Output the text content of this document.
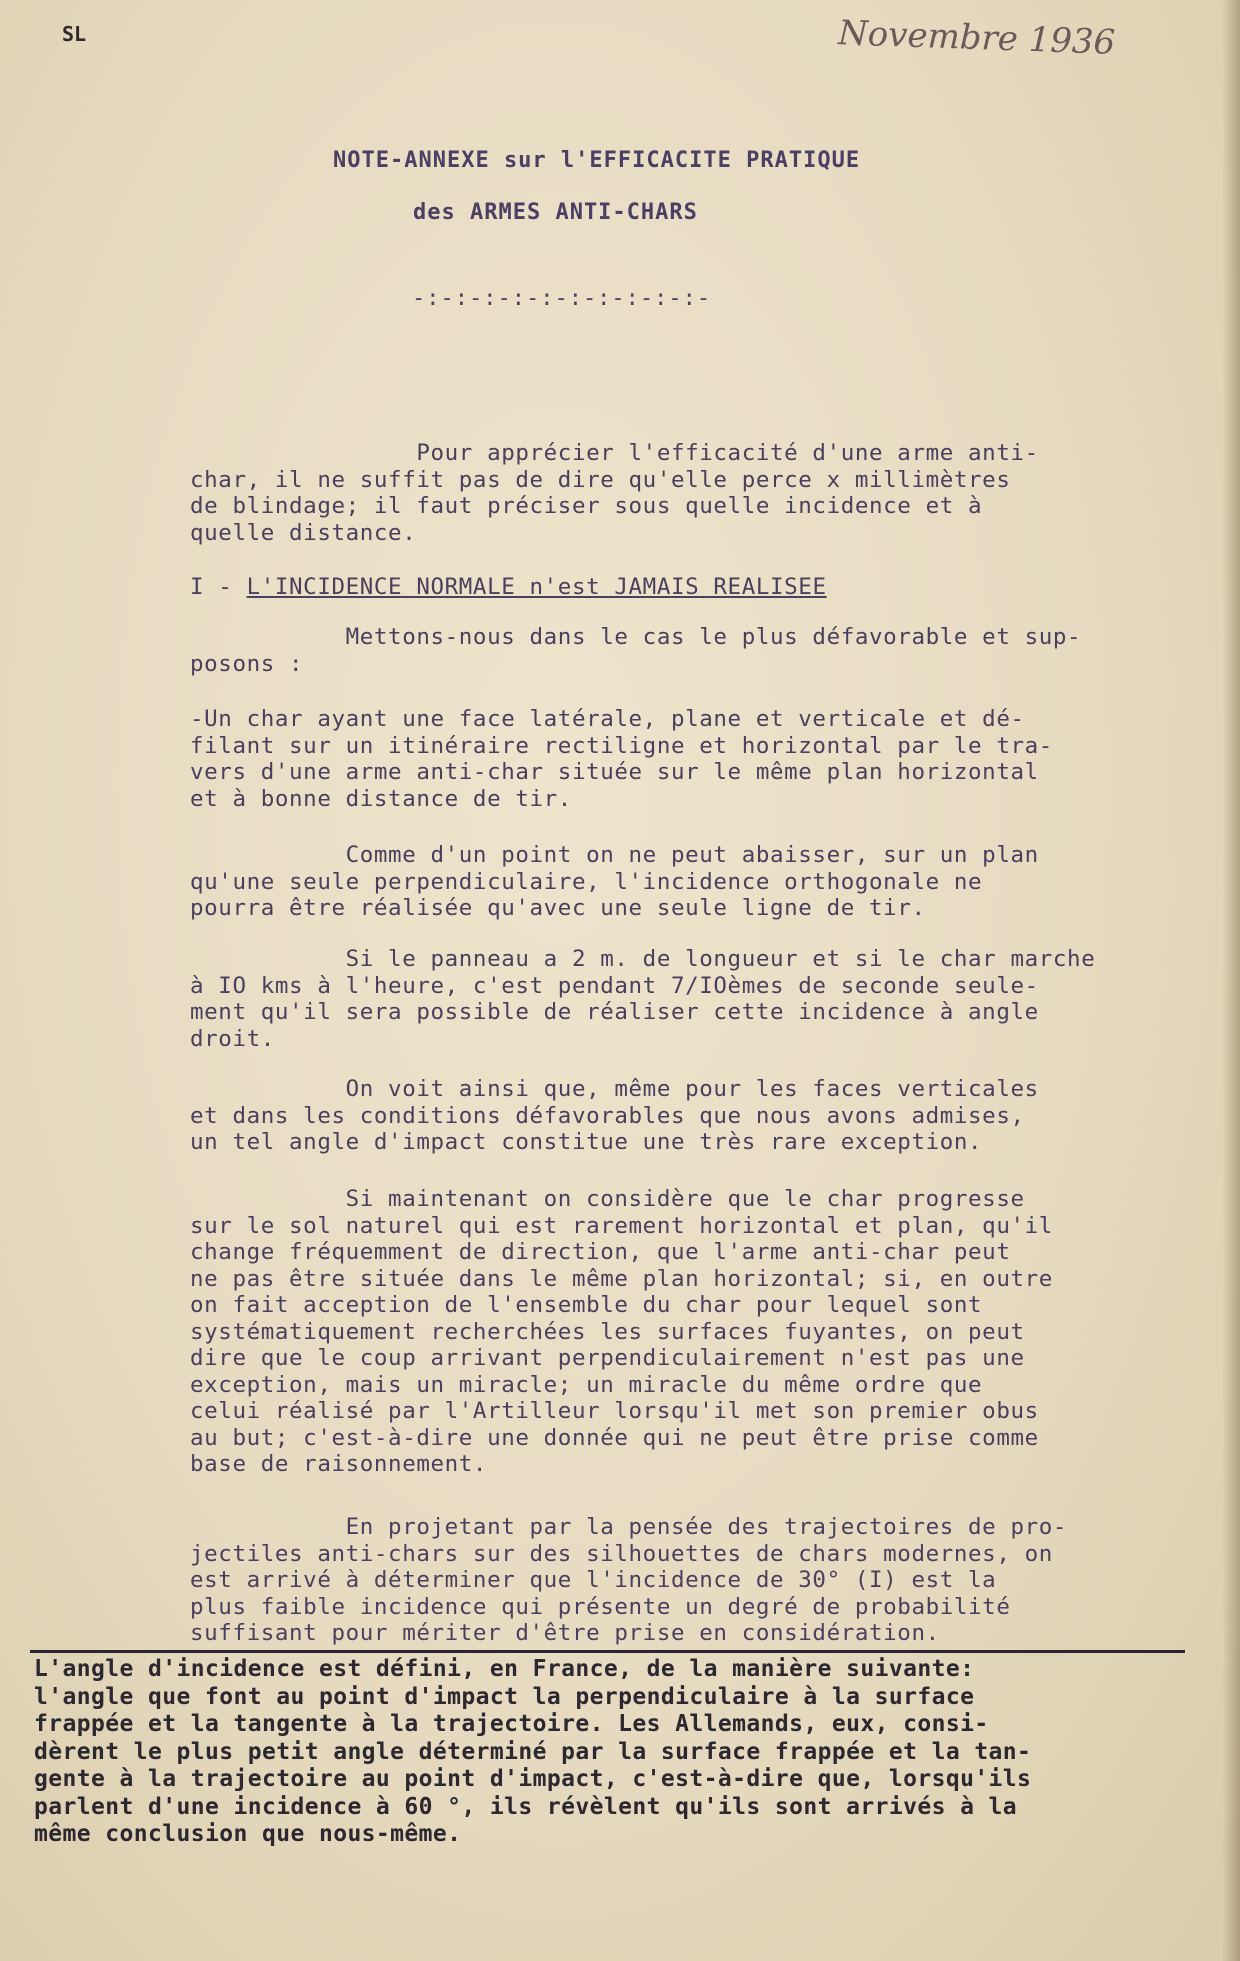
SL	Novembre 1936
NOTE-ANNEXE sur l'EFFICACITE PRATIQUE
des ARMES ANTI-CHARS
-:-:-:-:-:-:-:-:-:-:-
Pour apprécier l'efficacité d'une arme anti-
char, il ne suffit pas de dire qu'elle perce x millimètres
de blindage; il faut préciser sous quelle incidence et à
quelle distance.
I - L'INCIDENCE NORMALE n'est JAMAIS REALISEE
Mettons-nous dans le cas le plus défavorable et sup-
posons :
-Un char ayant une face latérale, plane et verticale et dé-
filant sur un itinéraire rectiligne et horizontal par le tra-
vers d'une arme anti-char située sur le même plan horizontal
et à bonne distance de tir.
Comme d'un point on ne peut abaisser, sur un plan
qu'une seule perpendiculaire, l'incidence orthogonale ne
pourra être réalisée qu'avec une seule ligne de tir.
Si le panneau a 2 m. de longueur et si le char marche
à IO kms à l'heure, c'est pendant 7/IOèmes de seconde seule-
ment qu'il sera possible de réaliser cette incidence à angle
droit.
On voit ainsi que, même pour les faces verticales
et dans les conditions défavorables que nous avons admises,
un tel angle d'impact constitue une très rare exception.
Si maintenant on considère que le char progresse
sur le sol naturel qui est rarement horizontal et plan, qu'il
change fréquemment de direction, que l'arme anti-char peut
ne pas être située dans le même plan horizontal; si, en outre
on fait acception de l'ensemble du char pour lequel sont
systématiquement recherchées les surfaces fuyantes, on peut
dire que le coup arrivant perpendiculairement n'est pas une
exception, mais un miracle; un miracle du même ordre que
celui réalisé par l'Artilleur lorsqu'il met son premier obus
au but; c'est-à-dire une donnée qui ne peut être prise comme
base de raisonnement.
En projetant par la pensée des trajectoires de pro-
jectiles anti-chars sur des silhouettes de chars modernes, on
est arrivé à déterminer que l'incidence de 30° (I) est la
plus faible incidence qui présente un degré de probabilité
suffisant pour mériter d'être prise en considération.
L'angle d'incidence est défini, en France, de la manière suivante:
l'angle que font au point d'impact la perpendiculaire à la surface
frappée et la tangente à la trajectoire. Les Allemands, eux, consi-
dèrent le plus petit angle déterminé par la surface frappée et la tan-
gente à la trajectoire au point d'impact, c'est-à-dire que, lorsqu'ils
parlent d'une incidence à 60 °, ils révèlent qu'ils sont arrivés à la
même conclusion que nous-même.
